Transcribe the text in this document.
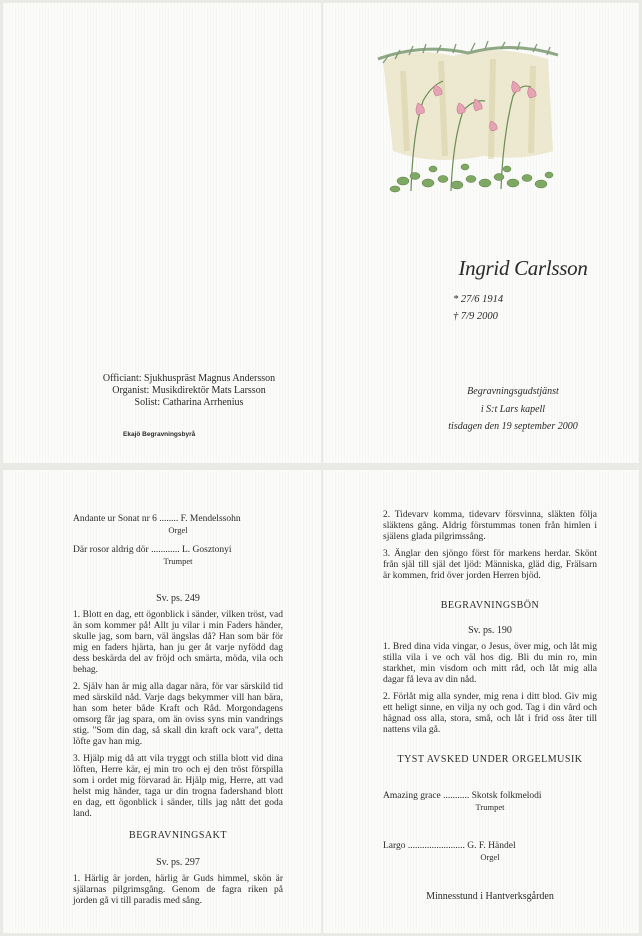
Officiant: Sjukhuspräst Magnus Andersson
Organist: Musikdirektör Mats Larsson
Solist: Catharina Arrhenius
Ekajö Begravningsbyrå
Ingrid Carlsson
* 27/6 1914
† 7/9 2000
Begravningsgudstjänst
i S:t Lars kapell
tisdagen den 19 september 2000
Andante ur Sonat nr 6 ........ F. Mendelssohn
Orgel
Där rosor aldrig dör ............ L. Gosztonyi
Trumpet
Sv. ps. 249

1. Blott en dag, ett ögonblick i sänder, vilken tröst, vad än som kommer på! Allt ju vilar i min Faders händer, skulle jag, som barn, väl ängslas då? Han som bär för mig en faders hjärta, han ju ger åt varje nyfödd dag dess beskärda del av fröjd och smärta, möda, vila och behag.

2. Själv han är mig alla dagar nära, för var särskild tid med särskild nåd. Varje dags bekymmer vill han bära, han som heter både Kraft och Råd. Morgondagens omsorg får jag spara, om än oviss syns min vandrings stig. "Som din dag, så skall din kraft ock vara", detta löfte gav han mig.

3. Hjälp mig då att vila tryggt och stilla blott vid dina löften, Herre kär, ej min tro och ej den tröst förspilla som i ordet mig förvarad är. Hjälp mig, Herre, att vad helst mig händer, taga ur din trogna fadershand blott en dag, ett ögonblick i sänder, tills jag nått det goda land.

BEGRAVNINGSAKT
Sv. ps. 297

1. Härlig är jorden, härlig är Guds himmel, skön är själarnas pilgrimsgång. Genom de fagra riken på jorden gå vi till paradis med sång.

2. Tidevarv komma, tidevarv försvinna, släkten följa släktens gång. Aldrig förstummas tonen från himlen i själens glada pilgrimssång.

3. Änglar den sjöngo först för markens herdar. Skönt från själ till själ det ljöd: Människa, gläd dig, Frälsarn är kommen, frid över jorden Herren bjöd.

BEGRAVNINGSBÖN
Sv. ps. 190

1. Bred dina vida vingar, o Jesus, över mig, och låt mig stilla vila i ve och väl hos dig. Bli du min ro, min starkhet, min visdom och mitt råd, och låt mig alla dagar få leva av din nåd.

2. Förlåt mig alla synder, mig rena i ditt blod. Giv mig ett heligt sinne, en vilja ny och god. Tag i din vård och hägnad oss alla, stora, små, och låt i frid oss åter till nattens vila gå.

TYST AVSKED UNDER ORGELMUSIK
Amazing grace ........... Skotsk folkmelodi
Trumpet
Largo ........................ G. F. Händel
Orgel
Minnesstund i Hantverksgården
